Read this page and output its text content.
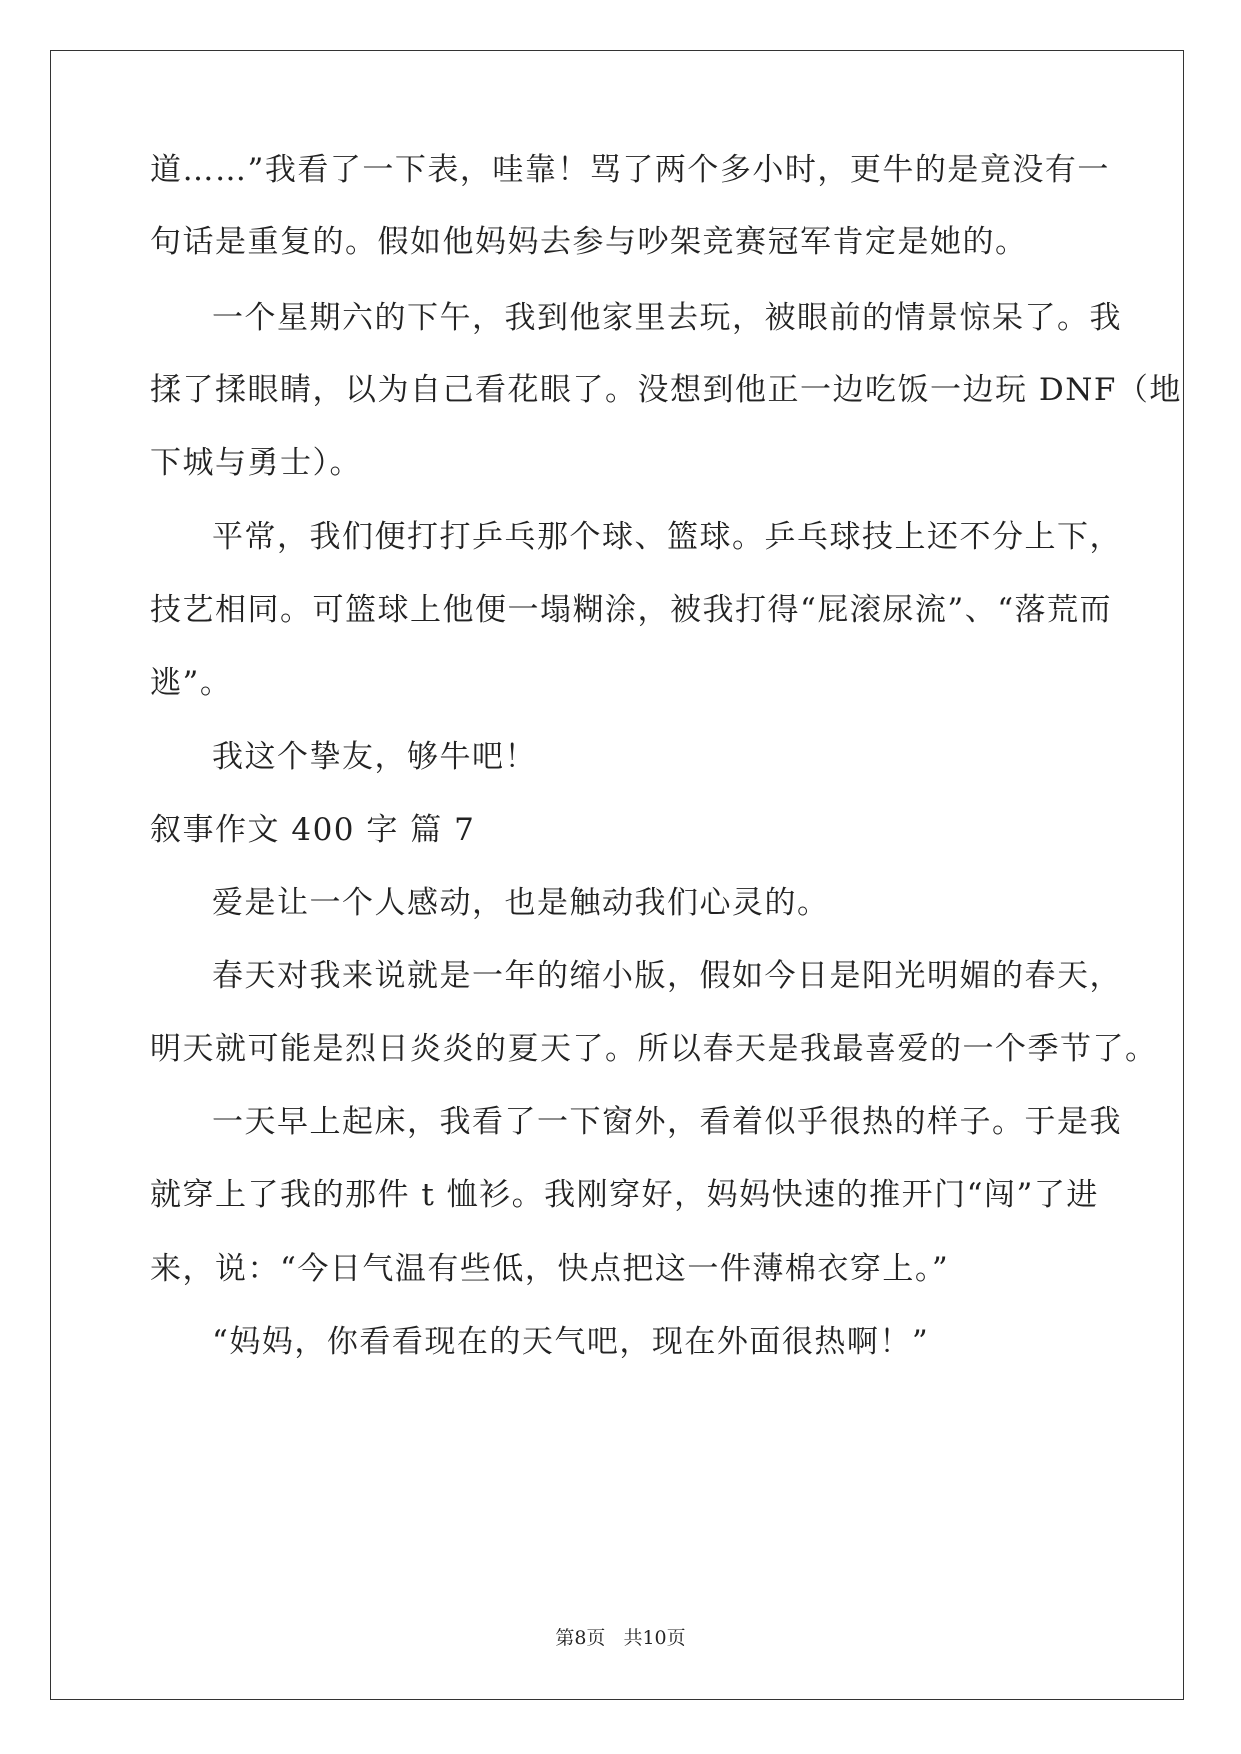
道……”我看了一下表，哇靠！骂了两个多小时，更牛的是竟没有一
句话是重复的。假如他妈妈去参与吵架竞赛冠军肯定是她的。
一个星期六的下午，我到他家里去玩，被眼前的情景惊呆了。我
揉了揉眼睛，以为自己看花眼了。没想到他正一边吃饭一边玩 DNF（地
下城与勇士）。
平常，我们便打打乒乓那个球、篮球。乒乓球技上还不分上下，
技艺相同。可篮球上他便一塌糊涂，被我打得“屁滚尿流”、“落荒而
逃”。
我这个挚友，够牛吧！
叙事作文 400 字 篇 7
爱是让一个人感动，也是触动我们心灵的。
春天对我来说就是一年的缩小版，假如今日是阳光明媚的春天，
明天就可能是烈日炎炎的夏天了。所以春天是我最喜爱的一个季节了。
一天早上起床，我看了一下窗外，看着似乎很热的样子。于是我
就穿上了我的那件 t 恤衫。我刚穿好，妈妈快速的推开门“闯”了进
来，说：“今日气温有些低，快点把这一件薄棉衣穿上。”
“妈妈，你看看现在的天气吧，现在外面很热啊！”
第8页 共10页
